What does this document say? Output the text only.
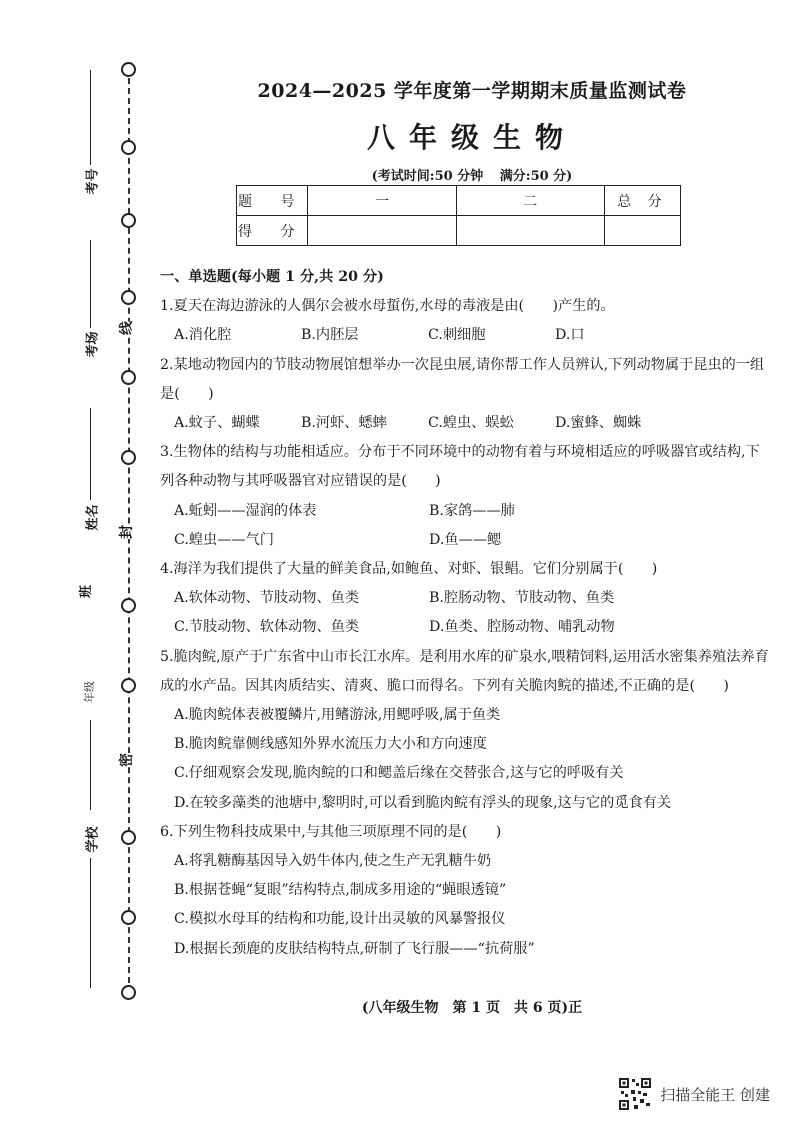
线
封
密
考号
考场
姓名
班
年级
学校
2024—2025 学年度第一学期期末质量监测试卷
八年级生物
(考试时间:50 分钟 满分:50 分)
题 号	一	二	总 分
得 分			
一、单选题(每小题 1 分,共 20 分)
1.夏天在海边游泳的人偶尔会被水母蜇伤,水母的毒液是由(　　)产生的。
A.消化腔	B.内胚层	C.刺细胞	D.口
2.某地动物园内的节肢动物展馆想举办一次昆虫展,请你帮工作人员辨认,下列动物属于昆虫的一组是(　　)
A.蚊子、蝴蝶	B.河虾、蟋蟀	C.蝗虫、蜈蚣	D.蜜蜂、蜘蛛
3.生物体的结构与功能相适应。分布于不同环境中的动物有着与环境相适应的呼吸器官或结构,下列各种动物与其呼吸器官对应错误的是(　　)
A.蚯蚓——湿润的体表	B.家鸽——肺
C.蝗虫——气门	D.鱼——鳃
4.海洋为我们提供了大量的鲜美食品,如鲍鱼、对虾、银鲳。它们分别属于(　　)
A.软体动物、节肢动物、鱼类	B.腔肠动物、节肢动物、鱼类
C.节肢动物、软体动物、鱼类	D.鱼类、腔肠动物、哺乳动物
5.脆肉鲩,原产于广东省中山市长江水库。是利用水库的矿泉水,喂精饲料,运用活水密集养殖法养育成的水产品。因其肉质结实、清爽、脆口而得名。下列有关脆肉鲩的描述,不正确的是(　　)
A.脆肉鲩体表被覆鳞片,用鳍游泳,用鳃呼吸,属于鱼类
B.脆肉鲩靠侧线感知外界水流压力大小和方向速度
C.仔细观察会发现,脆肉鲩的口和鳃盖后缘在交替张合,这与它的呼吸有关
D.在较多藻类的池塘中,黎明时,可以看到脆肉鲩有浮头的现象,这与它的觅食有关
6.下列生物科技成果中,与其他三项原理不同的是(　　)
A.将乳糖酶基因导入奶牛体内,使之生产无乳糖牛奶
B.根据苍蝇“复眼”结构特点,制成多用途的“蝇眼透镜”
C.模拟水母耳的结构和功能,设计出灵敏的风暴警报仪
D.根据长颈鹿的皮肤结构特点,研制了飞行服——“抗荷服”
(八年级生物　第 1 页　共 6 页)正
扫描全能王 创建
